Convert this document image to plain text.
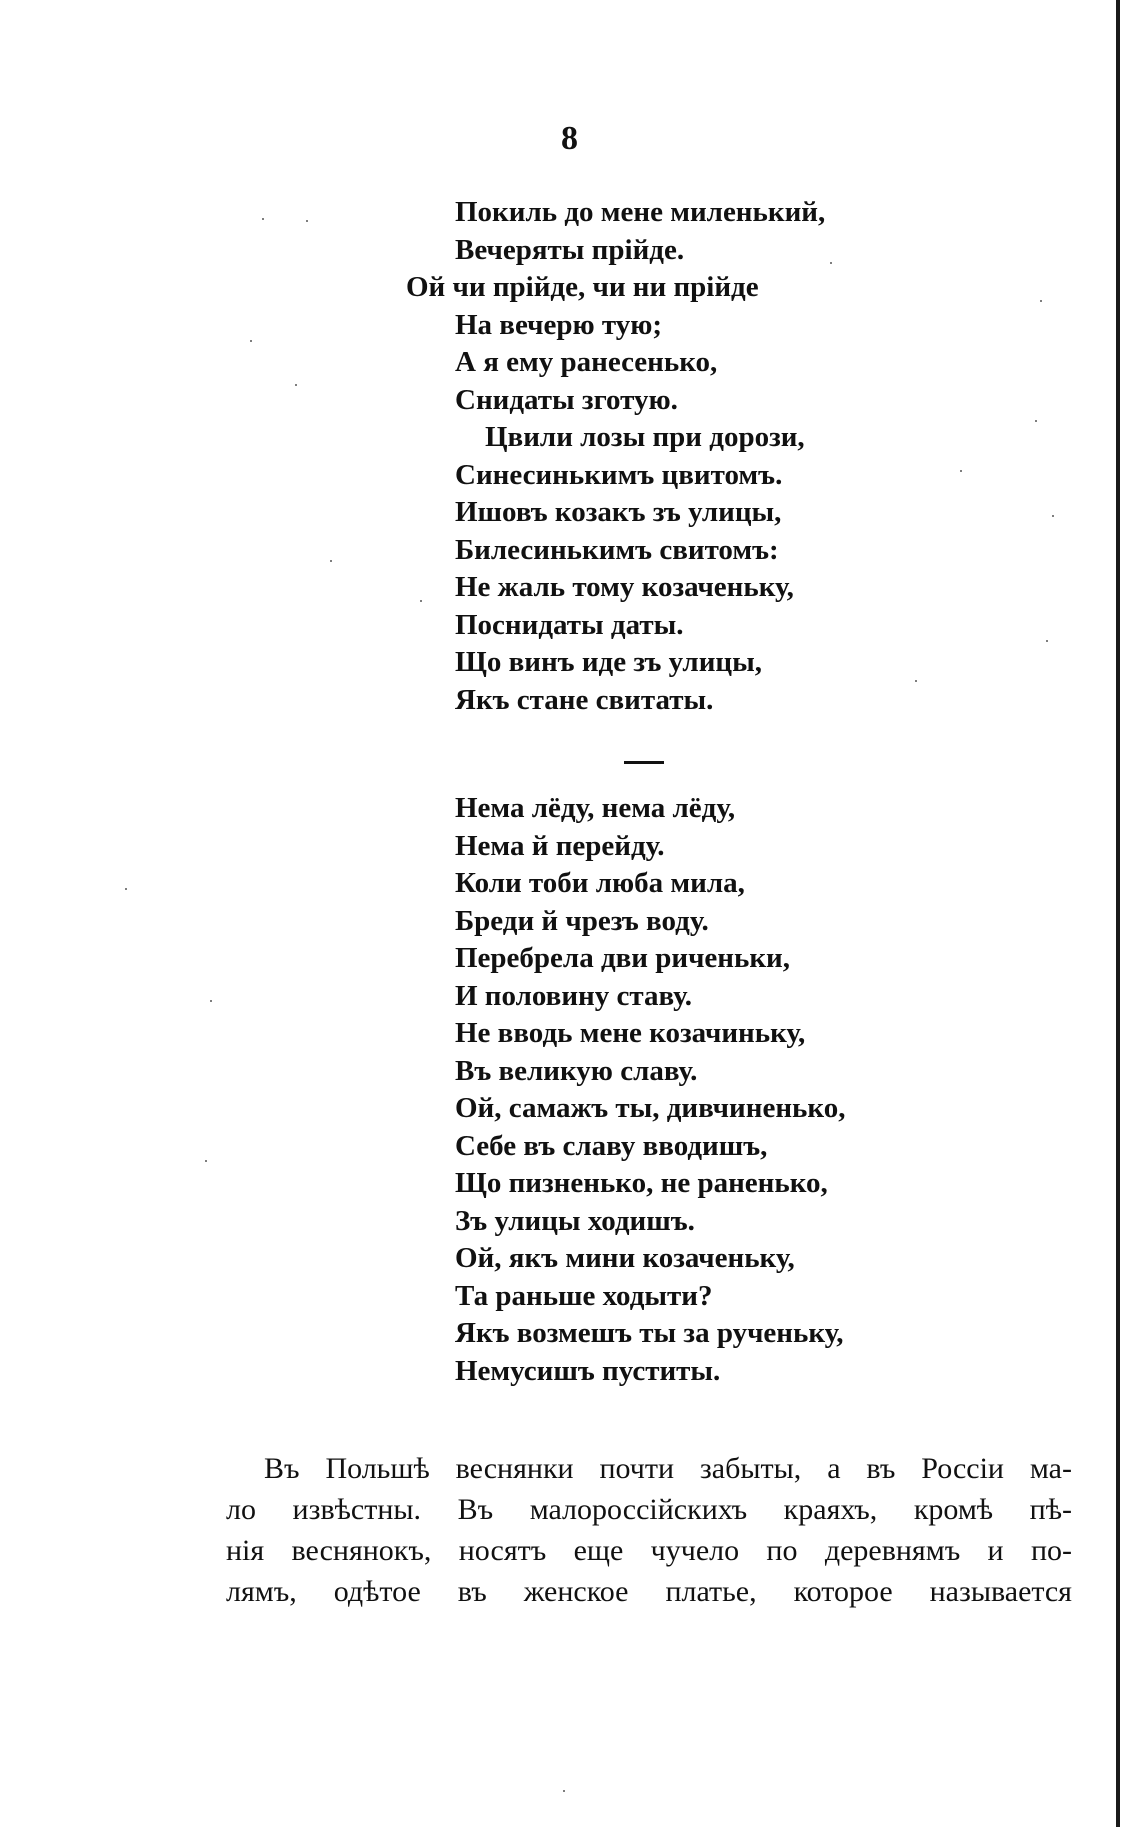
8
Покиль до мене миленький,
Вечеряты прійде.
Ой чи прійде, чи ни прійде
На вечерю тую;
А я ему ранесенько,
Снидаты зготую.
Цвили лозы при дорози,
Синесинькимъ цвитомъ.
Ишовъ козакъ зъ улицы,
Билесинькимъ свитомъ:
Не жаль тому козаченьку,
Поснидаты даты.
Що винъ иде зъ улицы,
Якъ стане свитаты.
Нема лёду, нема лёду,
Нема й перейду.
Коли тоби люба мила,
Бреди й чрезъ воду.
Перебрела дви риченьки,
И половину ставу.
Не вводь мене козачиньку,
Въ великую славу.
Ой, самажъ ты, дивчиненько,
Себе въ славу вводишъ,
Що пизненько, не раненько,
Зъ улицы ходишъ.
Ой, якъ мини козаченьку,
Та раньше ходыти?
Якъ возмешъ ты за рученьку,
Немусишъ пуститы.
Въ Польшѣ веснянки почти забыты, а въ Россіи ма-
ло извѣстны. Въ малороссійскихъ краяхъ, кромѣ пѣ-
нія веснянокъ, носятъ еще чучело по деревнямъ и по-
лямъ, одѣтое въ женское платье, которое называется
